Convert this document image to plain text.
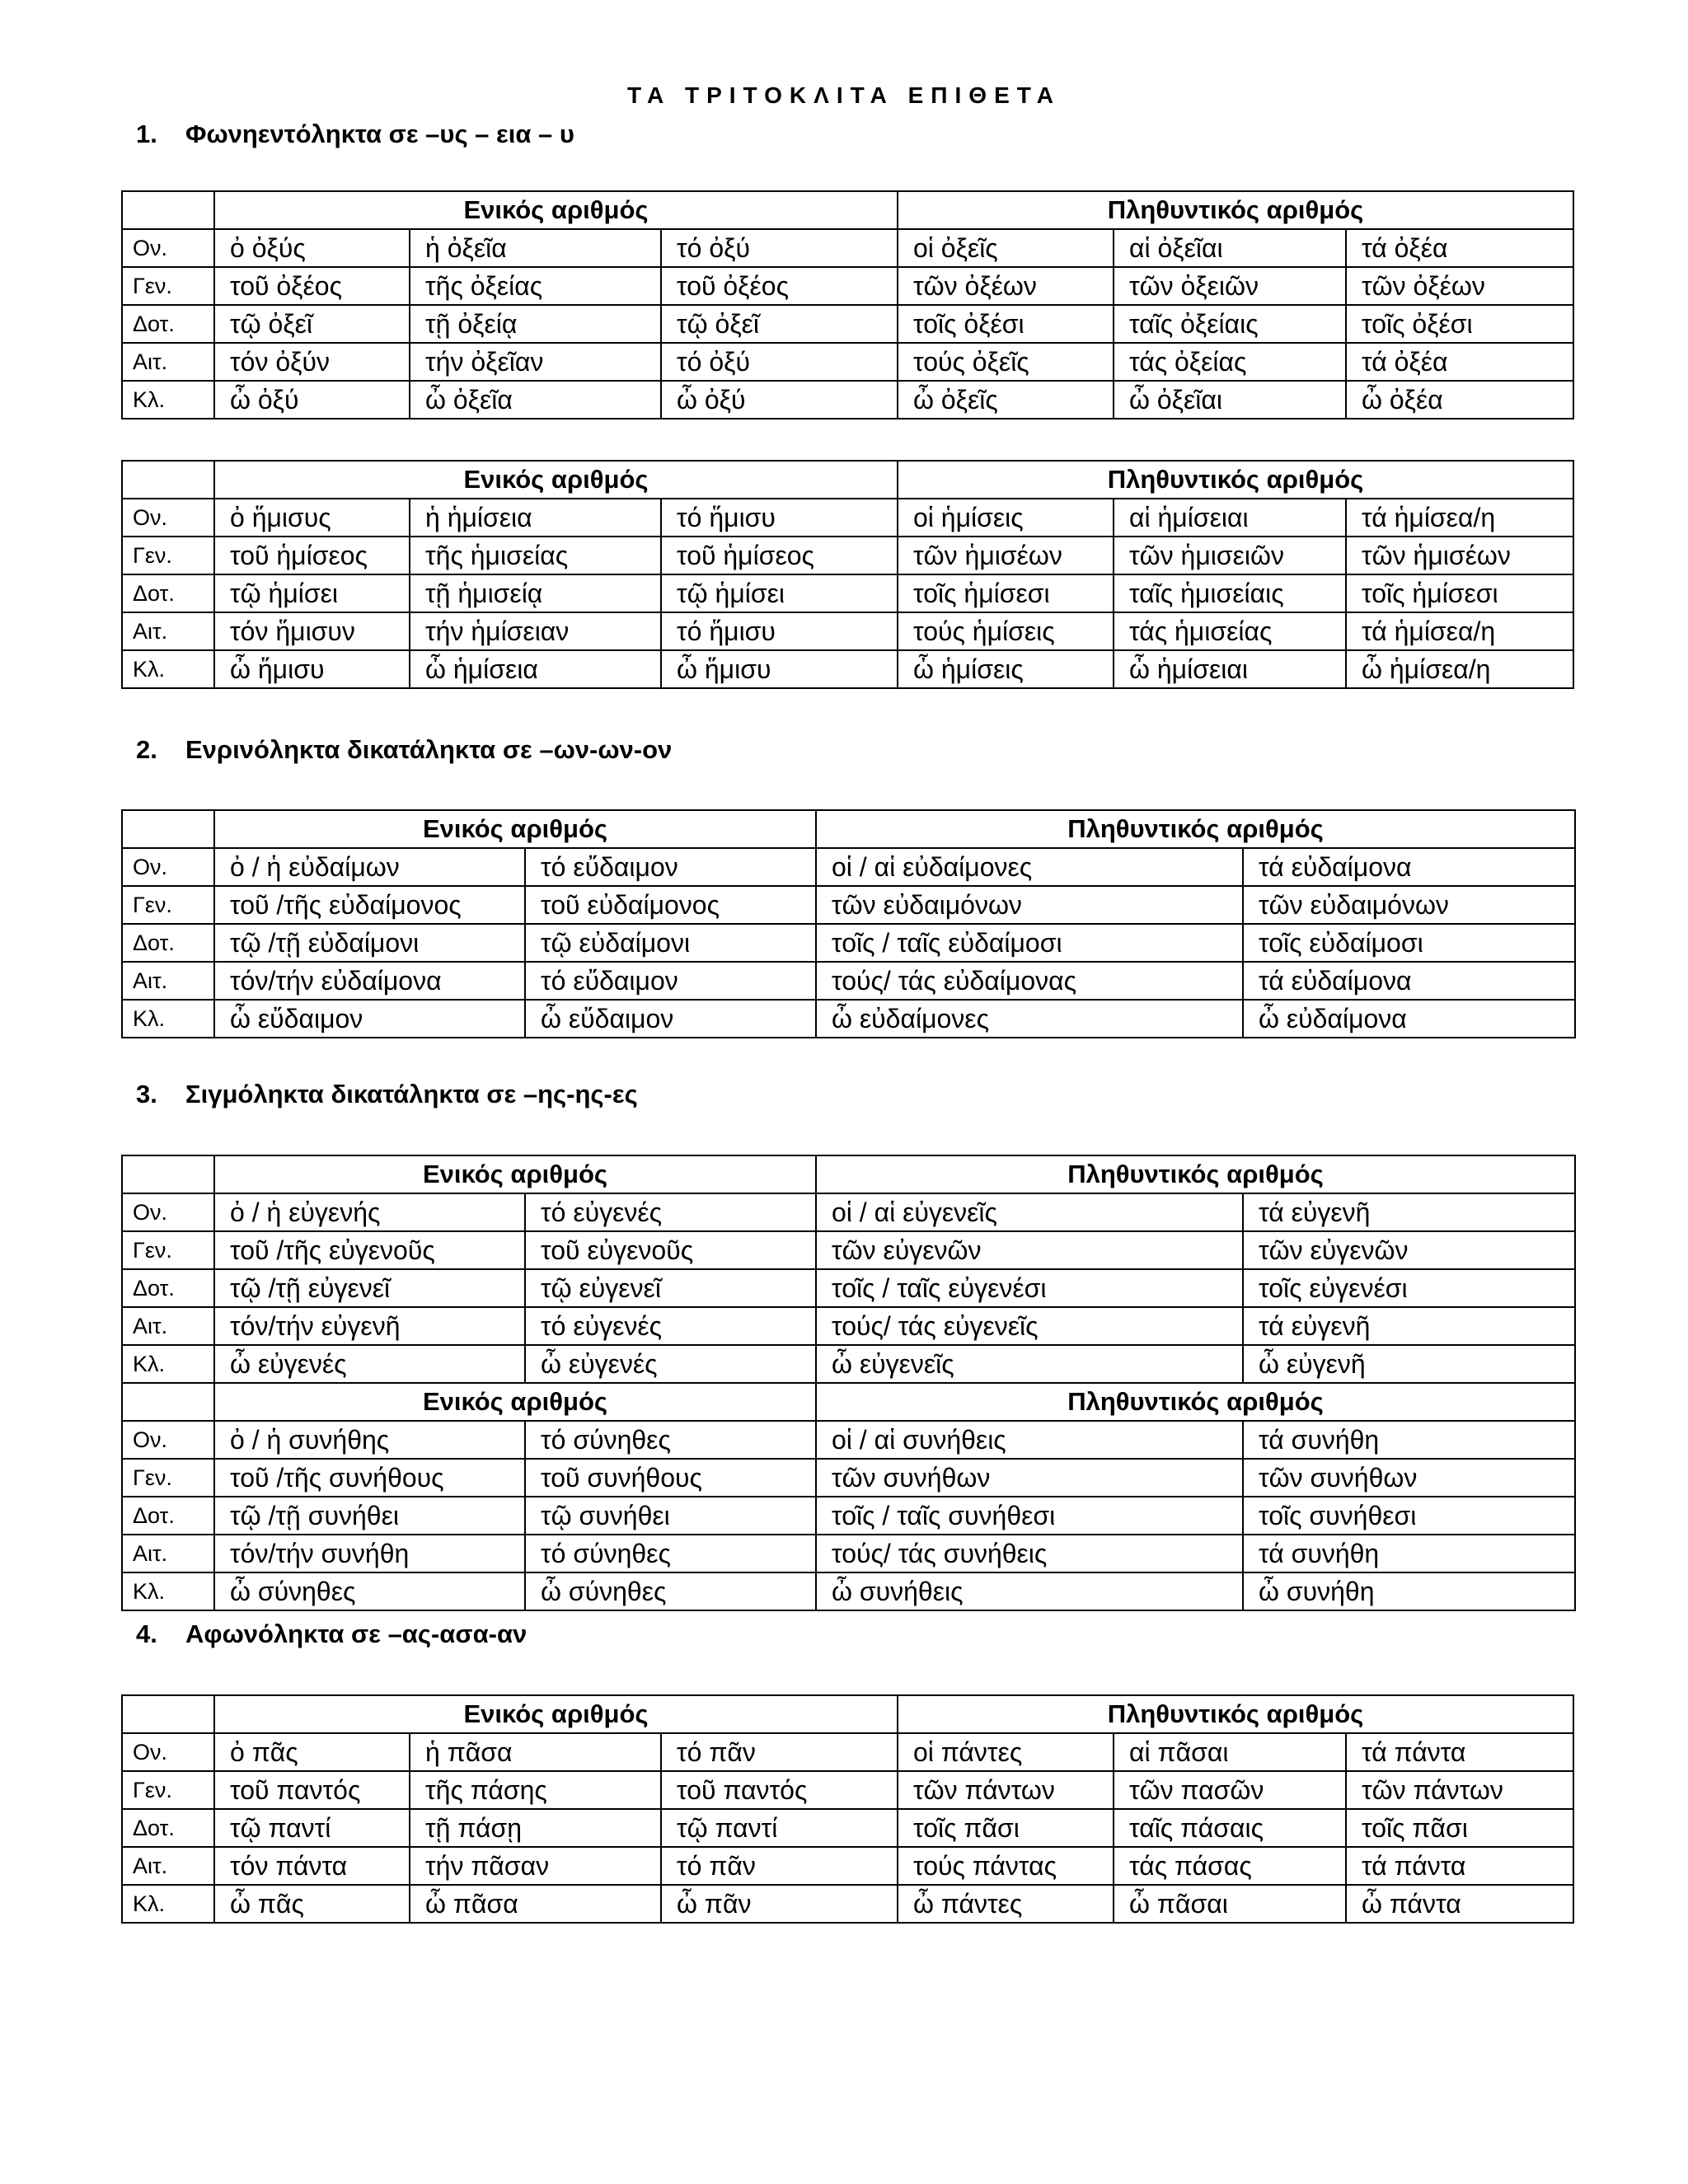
ΤΑ ΤΡΙΤΟΚΛΙΤΑ ΕΠΙΘΕΤΑ
1. Φωνηεντόληκτα σε –υς – εια – υ
	Ενικός αριθμός			Πληθυντικός αριθμός		
Ον.	ὀ ὀξύς	ἡ ὀξεῖα	τό ὀξύ	οἱ ὀξεῖς	αἱ ὀξεῖαι	τά ὀξέα
Γεν.	τοῦ ὀξέος	τῆς ὀξείας	τοῦ ὀξέος	τῶν ὀξέων	τῶν ὀξειῶν	τῶν ὀξέων
Δοτ.	τῷ ὀξεῖ	τῇ ὀξείᾳ	τῷ ὀξεῖ	τοῖς ὀξέσι	ταῖς ὀξείαις	τοῖς ὀξέσι
Αιτ.	τόν ὀξύν	τήν ὀξεῖαν	τό ὀξύ	τούς ὀξεῖς	τάς ὀξείας	τά ὀξέα
Κλ.	ὦ ὀξύ	ὦ ὀξεῖα	ὦ ὀξύ	ὦ ὀξεῖς	ὦ ὀξεῖαι	ὦ ὀξέα
	Ενικός αριθμός			Πληθυντικός αριθμός		
Ον.	ὀ ἥμισυς	ἡ ἡμίσεια	τό ἥμισυ	οἱ ἡμίσεις	αἱ ἡμίσειαι	τά ἡμίσεα/η
Γεν.	τοῦ ἡμίσεος	τῆς ἡμισείας	τοῦ ἡμίσεος	τῶν ἡμισέων	τῶν ἡμισειῶν	τῶν ἡμισέων
Δοτ.	τῷ ἡμίσει	τῇ ἡμισείᾳ	τῷ ἡμίσει	τοῖς ἡμίσεσι	ταῖς ἡμισείαις	τοῖς ἡμίσεσι
Αιτ.	τόν ἥμισυν	τήν ἡμίσειαν	τό ἥμισυ	τούς ἡμίσεις	τάς ἡμισείας	τά ἡμίσεα/η
Κλ.	ὦ ἥμισυ	ὦ ἡμίσεια	ὦ ἥμισυ	ὦ ἡμίσεις	ὦ ἡμίσειαι	ὦ ἡμίσεα/η
2. Ενρινόληκτα δικατάληκτα σε –ων-ων-ον
	Ενικός αριθμός		Πληθυντικός αριθμός	
Ον.	ὀ / ἡ εὐδαίμων	τό εὔδαιμον	οἱ / αἱ εὐδαίμονες	τά εὐδαίμονα
Γεν.	τοῦ /τῆς εὐδαίμονος	τοῦ εὐδαίμονος	τῶν εὐδαιμόνων	τῶν εὐδαιμόνων
Δοτ.	τῷ /τῇ εὐδαίμονι	τῷ εὐδαίμονι	τοῖς / ταῖς εὐδαίμοσι	τοῖς εὐδαίμοσι
Αιτ.	τόν/τήν εὐδαίμονα	τό εὔδαιμον	τούς/ τάς εὐδαίμονας	τά εὐδαίμονα
Κλ.	ὦ εὔδαιμον	ὦ εὔδαιμον	ὦ εὐδαίμονες	ὦ εὐδαίμονα
3. Σιγμόληκτα δικατάληκτα σε –ης-ης-ες
	Ενικός αριθμός		Πληθυντικός αριθμός	
Ον.	ὀ / ἡ εὐγενής	τό εὐγενές	οἱ / αἱ εὐγενεῖς	τά εὐγενῆ
Γεν.	τοῦ /τῆς εὐγενοῦς	τοῦ εὐγενοῦς	τῶν εὐγενῶν	τῶν εὐγενῶν
Δοτ.	τῷ /τῇ εὐγενεῖ	τῷ εὐγενεῖ	τοῖς / ταῖς εὐγενέσι	τοῖς εὐγενέσι
Αιτ.	τόν/τήν εὐγενῆ	τό εὐγενές	τούς/ τάς εὐγενεῖς	τά εὐγενῆ
Κλ.	ὦ εὐγενές	ὦ εὐγενές	ὦ εὐγενεῖς	ὦ εὐγενῆ
	Ενικός αριθμός		Πληθυντικός αριθμός	
Ον.	ὀ / ἡ συνήθης	τό σύνηθες	οἱ / αἱ συνήθεις	τά συνήθη
Γεν.	τοῦ /τῆς συνήθους	τοῦ συνήθους	τῶν συνήθων	τῶν συνήθων
Δοτ.	τῷ /τῇ συνήθει	τῷ συνήθει	τοῖς / ταῖς συνήθεσι	τοῖς συνήθεσι
Αιτ.	τόν/τήν συνήθη	τό σύνηθες	τούς/ τάς συνήθεις	τά συνήθη
Κλ.	ὦ σύνηθες	ὦ σύνηθες	ὦ συνήθεις	ὦ συνήθη
4. Αφωνόληκτα σε –ας-ασα-αν
	Ενικός αριθμός			Πληθυντικός αριθμός		
Ον.	ὀ πᾶς	ἡ πᾶσα	τό πᾶν	οἱ πάντες	αἱ πᾶσαι	τά πάντα
Γεν.	τοῦ παντός	τῆς πάσης	τοῦ παντός	τῶν πάντων	τῶν πασῶν	τῶν πάντων
Δοτ.	τῷ παντί	τῇ πάσῃ	τῷ παντί	τοῖς πᾶσι	ταῖς πάσαις	τοῖς πᾶσι
Αιτ.	τόν πάντα	τήν πᾶσαν	τό πᾶν	τούς πάντας	τάς πάσας	τά πάντα
Κλ.	ὦ πᾶς	ὦ πᾶσα	ὦ πᾶν	ὦ πάντες	ὦ πᾶσαι	ὦ πάντα
